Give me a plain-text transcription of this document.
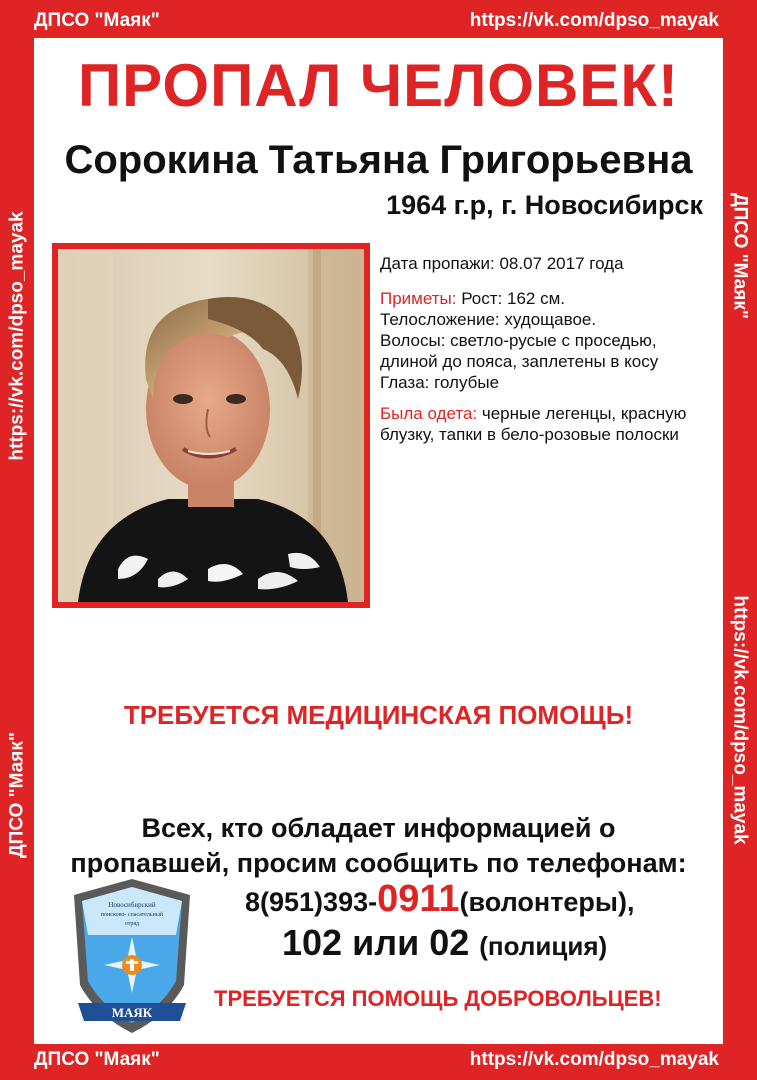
ДПСО "Маяк"	https://vk.com/dpso_mayak
ДПСО "Маяк"	https://vk.com/dpso_mayak
https://vk.com/dpso_mayak
ДПСО "Маяк"
ДПСО "Маяк"
https://vk.com/dpso_mayak
ПРОПАЛ ЧЕЛОВЕК!
Сорокина Татьяна Григорьевна
1964 г.р, г. Новосибирск

Дата пропажи: 08.07 2017 года

Приметы: Рост: 162 см.

Телосложение: худощавое.

Волосы: светло-русые с проседью, длиной до пояса, заплетены в косу

Глаза: голубые

Была одета: черные легенцы, красную блузку, тапки в бело-розовые полоски

ТРЕБУЕТСЯ МЕДИЦИНСКАЯ ПОМОЩЬ!
Всех, кто обладает информацией о
пропавшей, просим сообщить по телефонам:
8(951)393-0911(волонтеры),
102 или 02 (полиция)
ТРЕБУЕТСЯ ПОМОЩЬ ДОБРОВОЛЬЦЕВ!
Новосибирский
поисково- спасательный
отряд
МАЯК
